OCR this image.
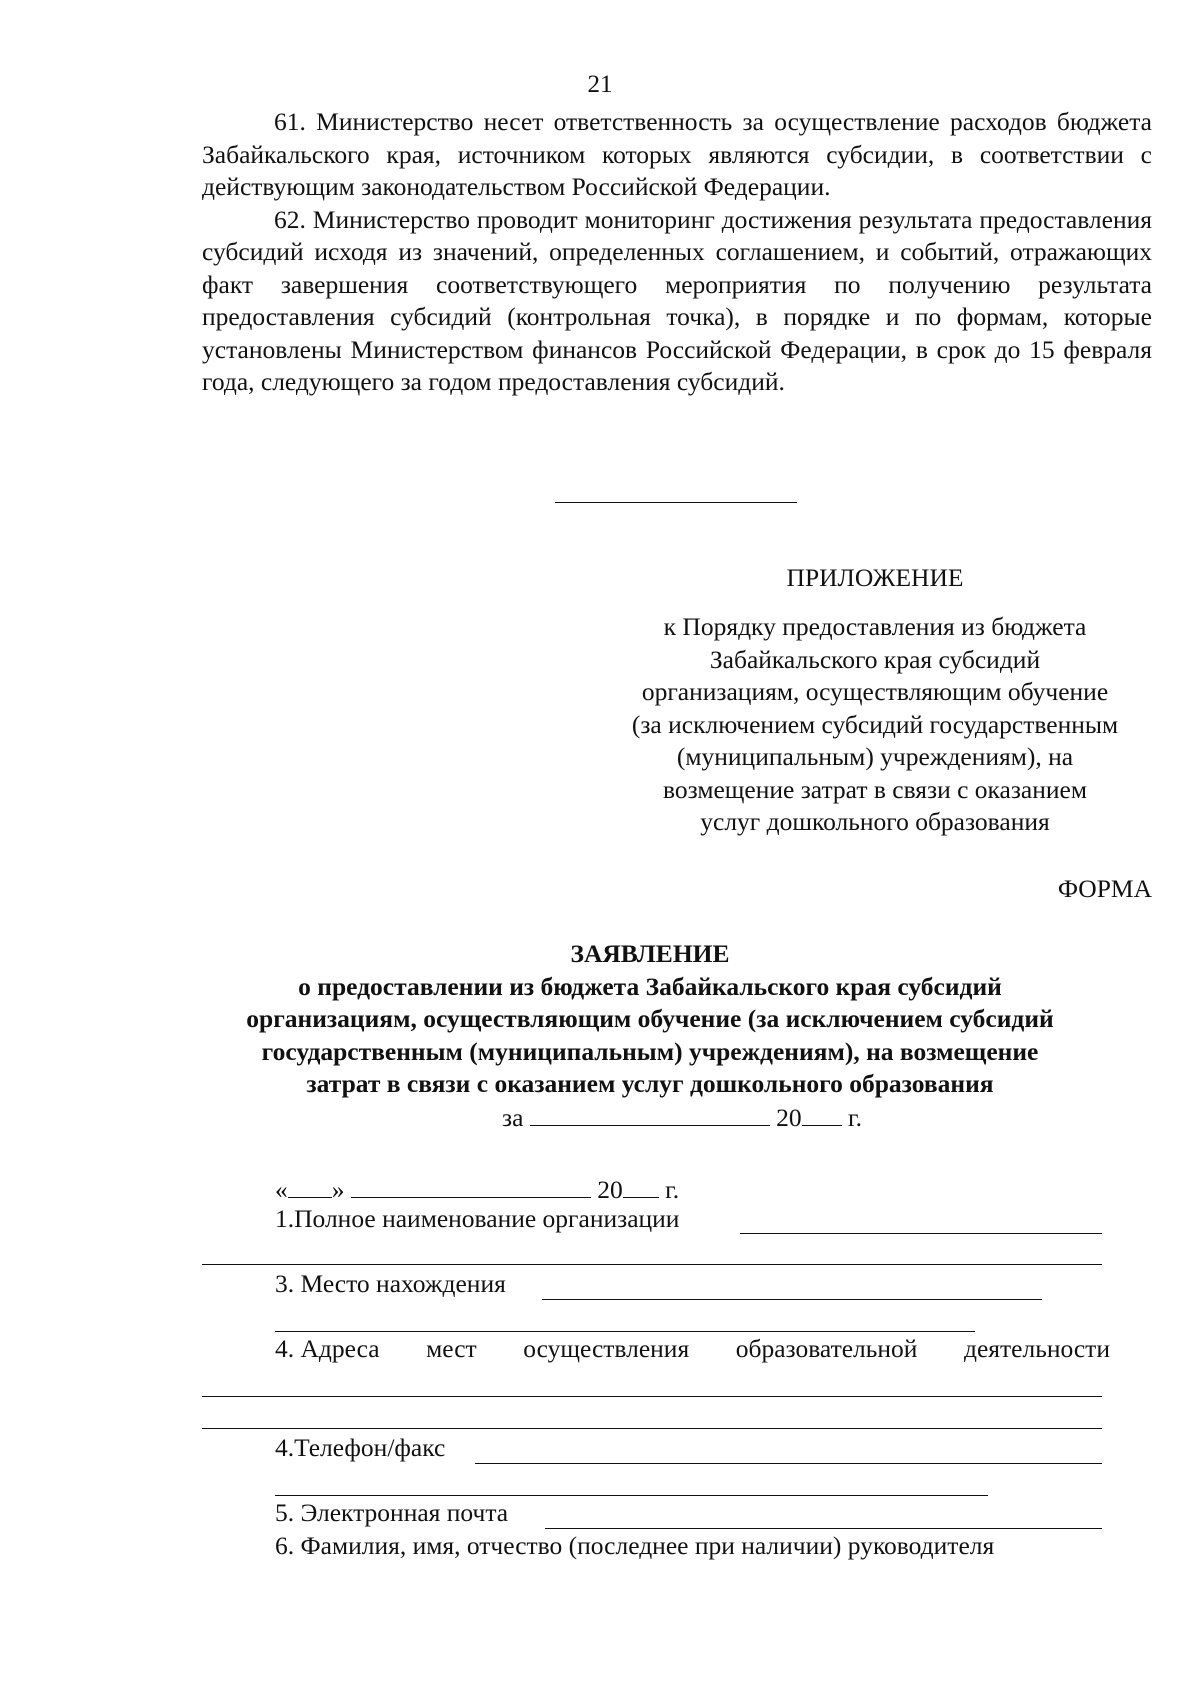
21

61. Министерство несет ответственность за осуществление расходов бюджета Забайкальского края, источником которых являются субсидии, в соответствии с действующим законодательством Российской Федерации.

62. Министерство проводит мониторинг достижения результата предоставления субсидий исходя из значений, определенных соглашением, и событий, отражающих факт завершения соответствующего мероприятия по получению результата предоставления субсидий (контрольная точка), в порядке и по формам, которые установлены Министерством финансов Российской Федерации, в срок до 15 февраля года, следующего за годом предоставления субсидий.

ПРИЛОЖЕНИЕ
к Порядку предоставления из бюджета
Забайкальского края субсидий
организациям, осуществляющим обучение
(за исключением субсидий государственным
(муниципальным) учреждениям), на
возмещение затрат в связи с оказанием
услуг дошкольного образования
ФОРМА
ЗАЯВЛЕНИЕ
о предоставлении из бюджета Забайкальского края субсидий
организациям, осуществляющим обучение (за исключением субсидий
государственным (муниципальным) учреждениям), на возмещение
затрат в связи с оказанием услуг дошкольного образования
за	20 г.
« »	20 г.
1.Полное наименование организации
3. Место нахождения
4. Адреса мест осуществления образовательной деятельности
4.Телефон/факс
5. Электронная почта
6. Фамилия, имя, отчество (последнее при наличии) руководителя
